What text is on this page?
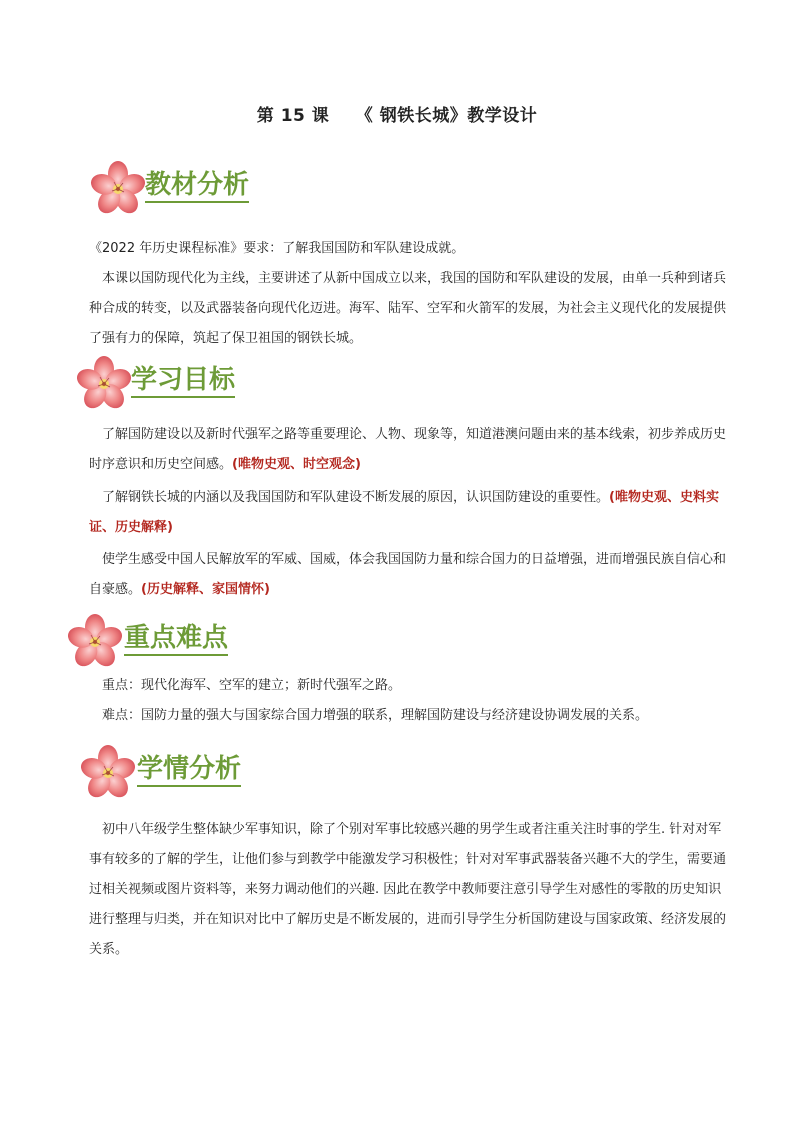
第 15 课　　《 钢铁长城》教学设计
教材分析

《2022 年历史课程标准》要求：了解我国国防和军队建设成就。

本课以国防现代化为主线，主要讲述了从新中国成立以来，我国的国防和军队建设的发展，由单一兵种到诸兵种合成的转变，以及武器装备向现代化迈进。海军、陆军、空军和火箭军的发展，为社会主义现代化的发展提供了强有力的保障，筑起了保卫祖国的钢铁长城。

学习目标

了解国防建设以及新时代强军之路等重要理论、人物、现象等，知道港澳问题由来的基本线索，初步养成历史时序意识和历史空间感。(唯物史观、时空观念)

了解钢铁长城的内涵以及我国国防和军队建设不断发展的原因，认识国防建设的重要性。(唯物史观、史料实证、历史解释)

使学生感受中国人民解放军的军威、国威，体会我国国防力量和综合国力的日益增强，进而增强民族自信心和自豪感。(历史解释、家国情怀)

重点难点

重点：现代化海军、空军的建立；新时代强军之路。

难点：国防力量的强大与国家综合国力增强的联系，理解国防建设与经济建设协调发展的关系。

学情分析

初中八年级学生整体缺少军事知识，除了个别对军事比较感兴趣的男学生或者注重关注时事的学生. 针对对军事有较多的了解的学生，让他们参与到教学中能激发学习积极性；针对对军事武器装备兴趣不大的学生，需要通过相关视频或图片资料等，来努力调动他们的兴趣. 因此在教学中教师要注意引导学生对感性的零散的历史知识进行整理与归类，并在知识对比中了解历史是不断发展的，进而引导学生分析国防建设与国家政策、经济发展的关系。
